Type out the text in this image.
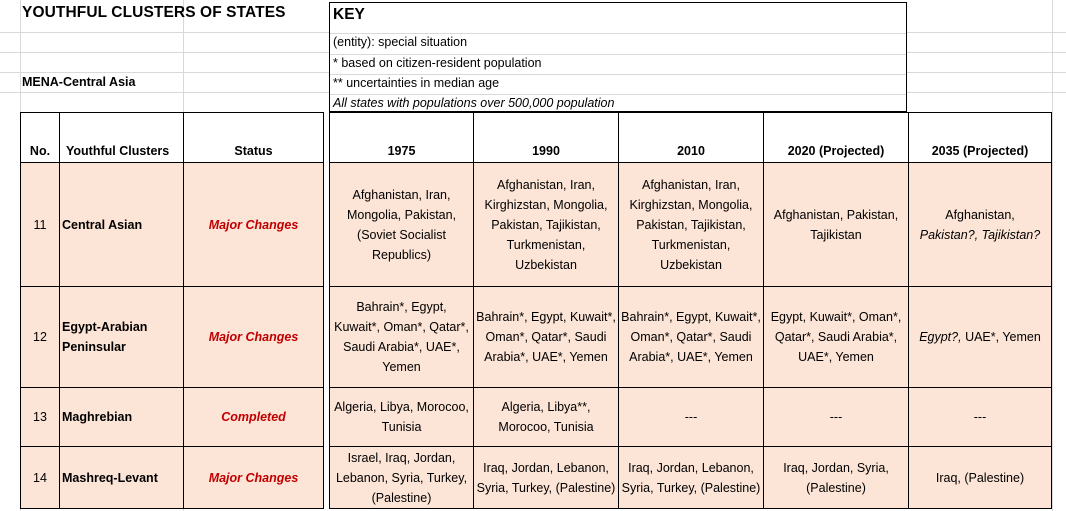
YOUTHFUL CLUSTERS OF STATES
MENA-Central Asia
KEY
(entity): special situation
* based on citizen-resident population
** uncertainties in median age
All states with populations over 500,000 population
No.	Youthful Clusters	Status		1975	1990	2010	2020 (Projected)	2035 (Projected)
11	Central Asian	Major Changes		Afghanistan, Iran, Mongolia, Pakistan, (Soviet Socialist Republics)	Afghanistan, Iran, Kirghizstan, Mongolia, Pakistan, Tajikistan, Turkmenistan, Uzbekistan	Afghanistan, Iran, Kirghizstan, Mongolia, Pakistan, Tajikistan, Turkmenistan, Uzbekistan	Afghanistan, Pakistan, Tajikistan	Afghanistan,
Pakistan?, Tajikistan?
12	Egypt-Arabian Peninsular	Major Changes		Bahrain*, Egypt, Kuwait*, Oman*, Qatar*, Saudi Arabia*, UAE*, Yemen	Bahrain*, Egypt, Kuwait*, Oman*, Qatar*, Saudi Arabia*, UAE*, Yemen	Bahrain*, Egypt, Kuwait*, Oman*, Qatar*, Saudi Arabia*, UAE*, Yemen	Egypt, Kuwait*, Oman*, Qatar*, Saudi Arabia*, UAE*, Yemen	Egypt?, UAE*, Yemen
13	Maghrebian	Completed		Algeria, Libya, Morocoo, Tunisia	Algeria, Libya**, Morocoo, Tunisia	---	---	---
14	Mashreq-Levant	Major Changes		Israel, Iraq, Jordan, Lebanon, Syria, Turkey, (Palestine)	Iraq, Jordan, Lebanon, Syria, Turkey, (Palestine)	Iraq, Jordan, Lebanon, Syria, Turkey, (Palestine)	Iraq, Jordan, Syria, (Palestine)	Iraq, (Palestine)
